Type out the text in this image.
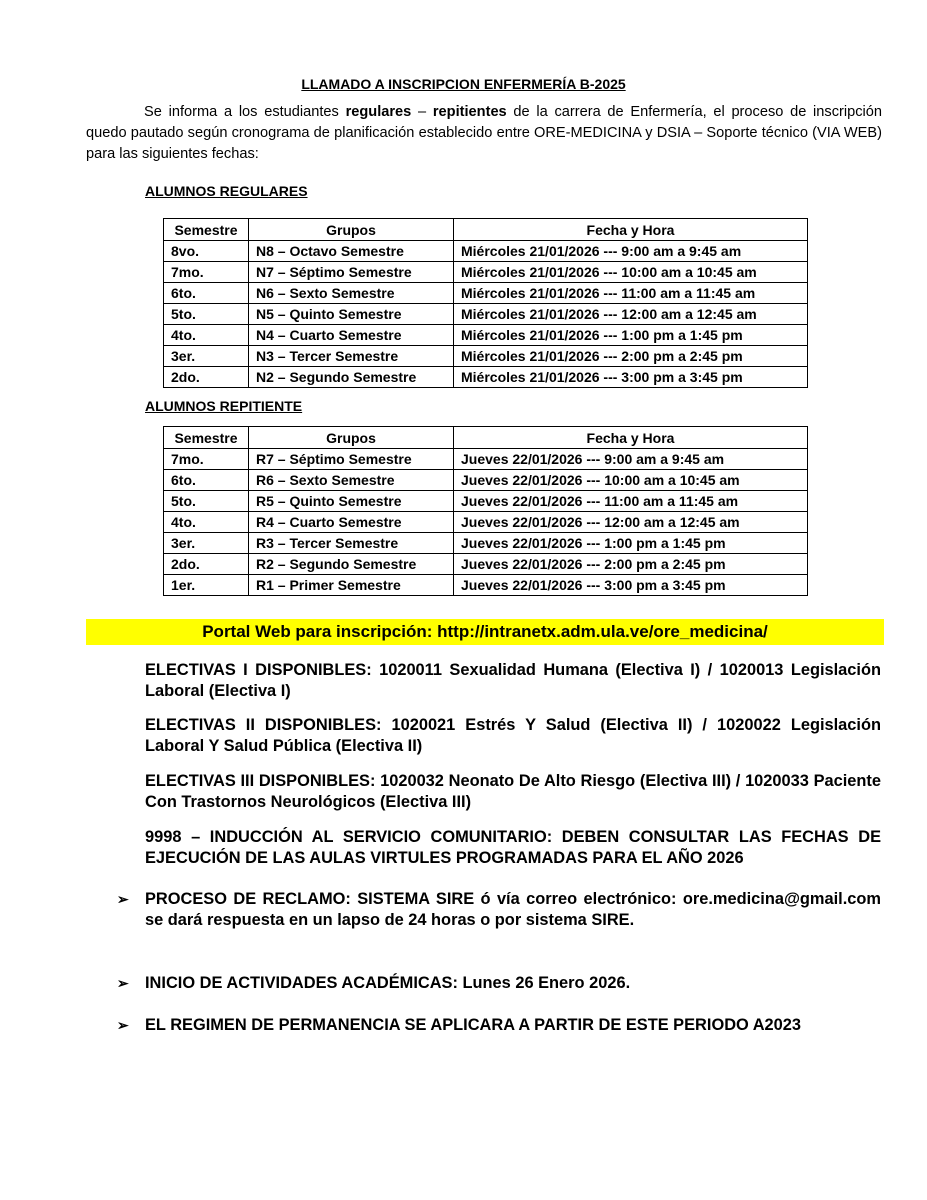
LLAMADO A INSCRIPCION ENFERMERÍA B-2025
Se informa a los estudiantes regulares – repitientes de la carrera de Enfermería, el proceso de inscripción quedo pautado según cronograma de planificación establecido entre ORE-MEDICINA y DSIA – Soporte técnico (VIA WEB) para las siguientes fechas:
ALUMNOS REGULARES
Semestre	Grupos	Fecha y Hora
8vo.	N8 – Octavo Semestre	Miércoles 21/01/2026 --- 9:00 am a 9:45 am
7mo.	N7 – Séptimo Semestre	Miércoles 21/01/2026 --- 10:00 am a 10:45 am
6to.	N6 – Sexto Semestre	Miércoles 21/01/2026 --- 11:00 am a 11:45 am
5to.	N5 – Quinto Semestre	Miércoles 21/01/2026 --- 12:00 am a 12:45 am
4to.	N4 – Cuarto Semestre	Miércoles 21/01/2026 --- 1:00 pm a 1:45 pm
3er.	N3 – Tercer Semestre	Miércoles 21/01/2026 --- 2:00 pm a 2:45 pm
2do.	N2 – Segundo Semestre	Miércoles 21/01/2026 --- 3:00 pm a 3:45 pm
ALUMNOS REPITIENTE
Semestre	Grupos	Fecha y Hora
7mo.	R7 – Séptimo Semestre	Jueves 22/01/2026 --- 9:00 am a 9:45 am
6to.	R6 – Sexto Semestre	Jueves 22/01/2026 --- 10:00 am a 10:45 am
5to.	R5 – Quinto Semestre	Jueves 22/01/2026 --- 11:00 am a 11:45 am
4to.	R4 – Cuarto Semestre	Jueves 22/01/2026 --- 12:00 am a 12:45 am
3er.	R3 – Tercer Semestre	Jueves 22/01/2026 --- 1:00 pm a 1:45 pm
2do.	R2 – Segundo Semestre	Jueves 22/01/2026 --- 2:00 pm a 2:45 pm
1er.	R1 – Primer Semestre	Jueves 22/01/2026 --- 3:00 pm a 3:45 pm
Portal Web para inscripción: http://intranetx.adm.ula.ve/ore_medicina/
ELECTIVAS I DISPONIBLES: 1020011 Sexualidad Humana (Electiva I) / 1020013 Legislación Laboral (Electiva I)
ELECTIVAS II DISPONIBLES: 1020021 Estrés Y Salud (Electiva II) / 1020022 Legislación Laboral Y Salud Pública (Electiva II)
ELECTIVAS III DISPONIBLES: 1020032 Neonato De Alto Riesgo (Electiva III) / 1020033 Paciente Con Trastornos Neurológicos (Electiva III)
9998 – INDUCCIÓN AL SERVICIO COMUNITARIO: DEBEN CONSULTAR LAS FECHAS DE EJECUCIÓN DE LAS AULAS VIRTULES PROGRAMADAS PARA EL AÑO 2026
➢ PROCESO DE RECLAMO: SISTEMA SIRE ó vía correo electrónico: ore.medicina@gmail.com se dará respuesta en un lapso de 24 horas o por sistema SIRE.
➢ INICIO DE ACTIVIDADES ACADÉMICAS: Lunes 26 Enero 2026.
➢ EL REGIMEN DE PERMANENCIA SE APLICARA A PARTIR DE ESTE PERIODO A2023
